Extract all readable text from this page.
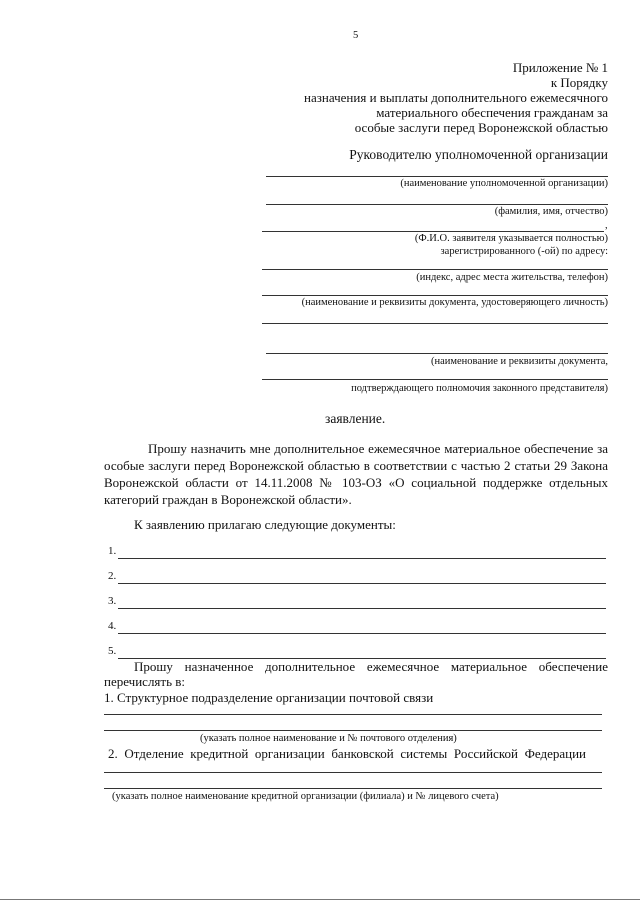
5
Приложение № 1
к Порядку
назначения и выплаты дополнительного ежемесячного
материального обеспечения гражданам за
особые заслуги перед Воронежской областью
Руководителю уполномоченной организации
(наименование уполномоченной организации)
(фамилия, имя, отчество)
,
(Ф.И.О. заявителя указывается полностью)
зарегистрированного (-ой) по адресу:
(индекс, адрес места жительства, телефон)
(наименование и реквизиты документа, удостоверяющего личность)
(наименование и реквизиты документа,
подтверждающего полномочия законного представителя)
заявление.
Прошу назначить мне дополнительное ежемесячное материальное обеспечение за особые заслуги перед Воронежской областью в соответствии с частью 2 статьи 29 Закона Воронежской области от 14.11.2008 № 103-ОЗ «О социальной поддержке отдельных категорий граждан в Воронежской области».
К заявлению прилагаю следующие документы:
1.
2.
3.
4.
5.
Прошу назначенное дополнительное ежемесячное материальное обеспечение
перечислять в:
1. Структурное подразделение организации почтовой связи
(указать полное наименование и № почтового отделения)
2. Отделение кредитной организации банковской системы Российской Федерации
(указать полное наименование кредитной организации (филиала) и № лицевого счета)
